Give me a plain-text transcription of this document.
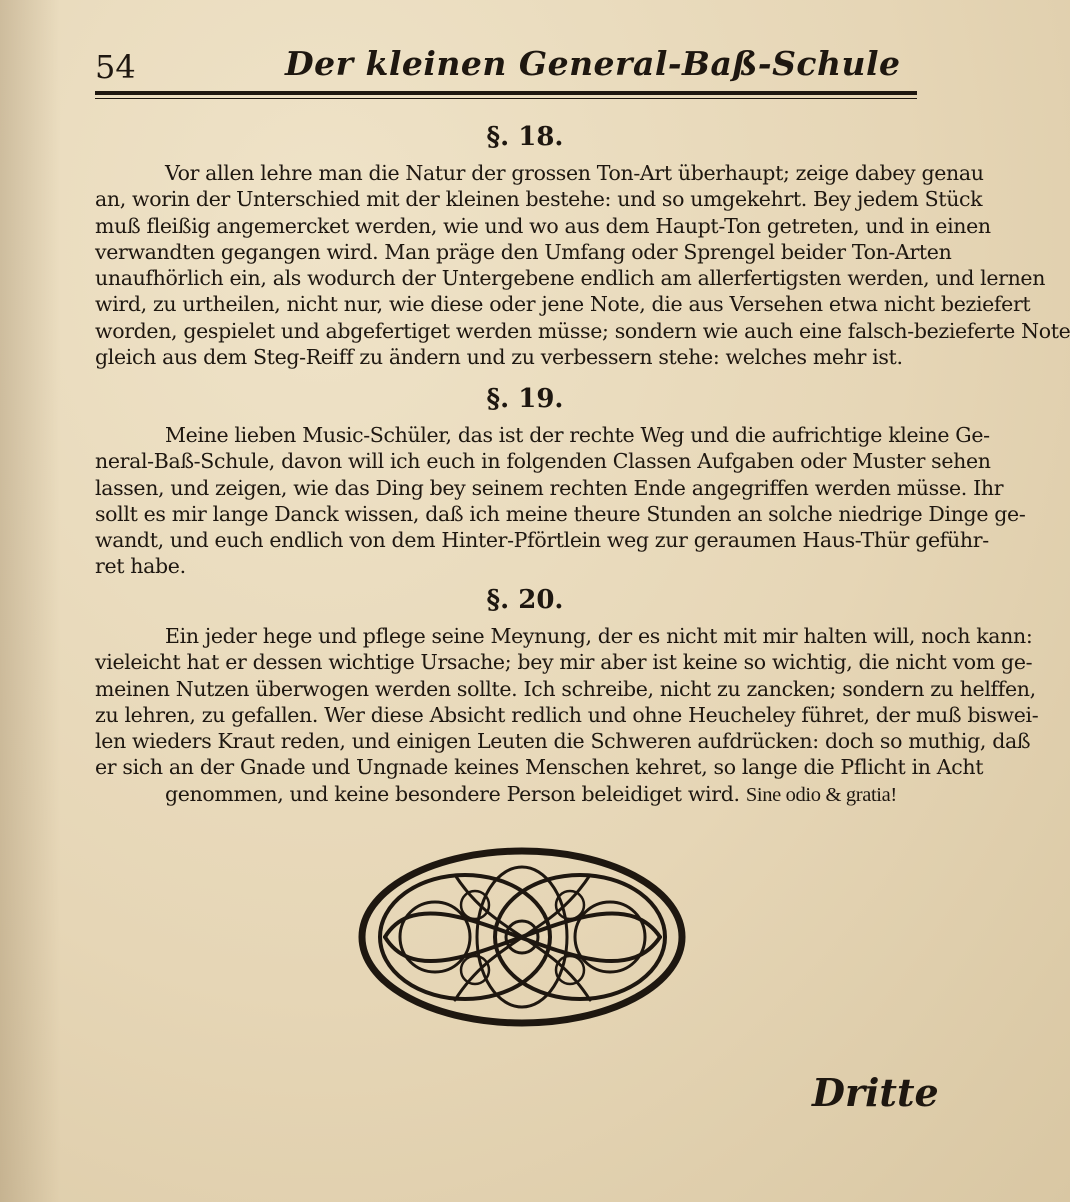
54	Der kleinen General-Baß-Schule

§. 18.

Vor allen lehre man die Natur der grossen Ton-Art überhaupt; zeige dabey genau
an, worin der Unterschied mit der kleinen bestehe: und so umgekehrt. Bey jedem Stück
muß fleißig angemercket werden, wie und wo aus dem Haupt-Ton getreten, und in einen
verwandten gegangen wird. Man präge den Umfang oder Sprengel beider Ton-Arten
unaufhörlich ein, als wodurch der Untergebene endlich am allerfertigsten werden, und lernen
wird, zu urtheilen, nicht nur, wie diese oder jene Note, die aus Versehen etwa nicht beziefert
worden, gespielet und abgefertiget werden müsse; sondern wie auch eine falsch-bezieferte Note
gleich aus dem Steg-Reiff zu ändern und zu verbessern stehe: welches mehr ist.

§. 19.

Meine lieben Music-Schüler, das ist der rechte Weg und die aufrichtige kleine Ge-
neral-Baß-Schule, davon will ich euch in folgenden Classen Aufgaben oder Muster sehen
lassen, und zeigen, wie das Ding bey seinem rechten Ende angegriffen werden müsse. Ihr
sollt es mir lange Danck wissen, daß ich meine theure Stunden an solche niedrige Dinge ge-
wandt, und euch endlich von dem Hinter-Pförtlein weg zur geraumen Haus-Thür geführ-
ret habe.

§. 20.

Ein jeder hege und pflege seine Meynung, der es nicht mit mir halten will, noch kann:
vieleicht hat er dessen wichtige Ursache; bey mir aber ist keine so wichtig, die nicht vom ge-
meinen Nutzen überwogen werden sollte. Ich schreibe, nicht zu zancken; sondern zu helffen,
zu lehren, zu gefallen. Wer diese Absicht redlich und ohne Heucheley führet, der muß biswei-
len wieders Kraut reden, und einigen Leuten die Schweren aufdrücken: doch so muthig, daß
er sich an der Gnade und Ungnade keines Menschen kehret, so lange die Pflicht in Acht
genommen, und keine besondere Person beleidiget wird. Sine odio & gratia!
Dritte
